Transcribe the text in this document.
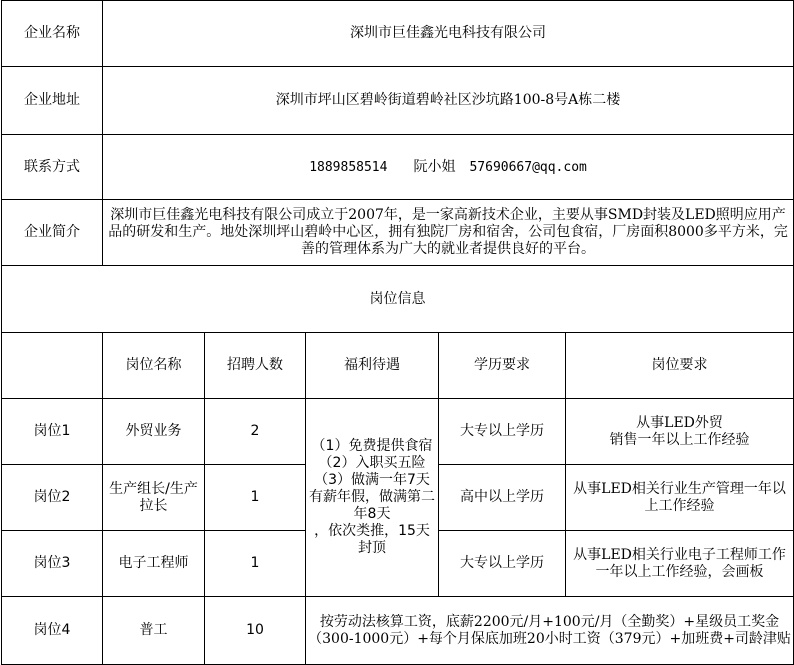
企业名称	深圳市巨佳鑫光电科技有限公司				
企业地址	深圳市坪山区碧岭街道碧岭社区沙坑路100-8号A栋二楼				
联系方式	1889858514 阮小姐 57690667@qq.com				
企业简介	深圳市巨佳鑫光电科技有限公司成立于2007年，是一家高新技术企业，主要从事SMD封装及LED照明应用产品的研发和生产。地处深圳坪山碧岭中心区，拥有独院厂房和宿舍，公司包食宿，厂房面积8000多平方米，完善的管理体系为广大的就业者提供良好的平台。				
岗位信息					
	岗位名称	招聘人数	福利待遇	学历要求	岗位要求
岗位1	外贸业务	2	（1）免费提供食宿
（2）入职买五险
（3）做满一年7天有薪年假，做满第二年8天
，依次类推，15天封顶	大专以上学历	从事LED外贸
销售一年以上工作经验
岗位2	生产组长/生产拉长	1		高中以上学历	从事LED相关行业生产管理一年以上工作经验
岗位3	电子工程师	1		大专以上学历	从事LED相关行业电子工程师工作一年以上工作经验，会画板
岗位4	普工	10	按劳动法核算工资，底薪2200元/月+100元/月（全勤奖）+星级员工奖金（300-1000元）+每个月保底加班20小时工资（379元）+加班费+司龄津贴		
